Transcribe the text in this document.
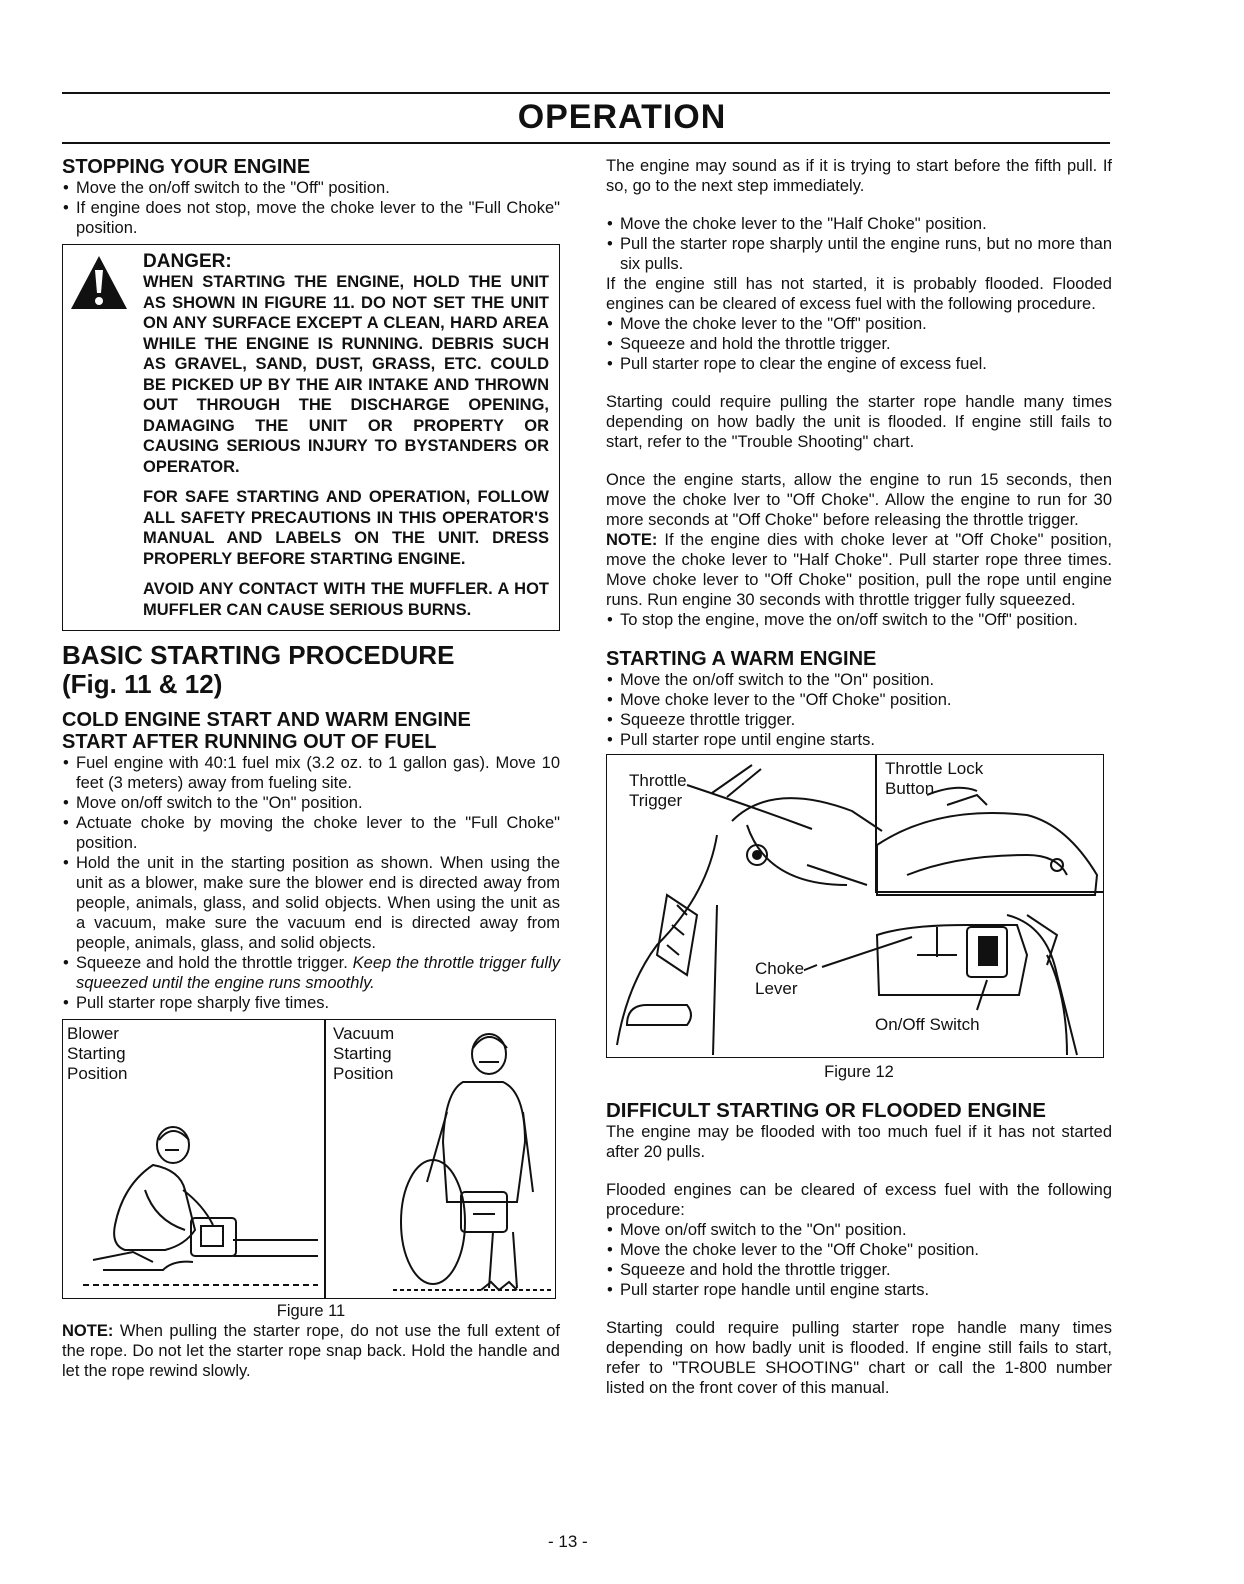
OPERATION
STOPPING YOUR ENGINE
• Move the on/off switch to the "Off" position.
• If engine does not stop, move the choke lever to the "Full Choke" position.
DANGER:
WHEN STARTING THE ENGINE, HOLD THE UNIT AS SHOWN IN FIGURE 11. DO NOT SET THE UNIT ON ANY SURFACE EXCEPT A CLEAN, HARD AREA WHILE THE ENGINE IS RUNNING. DEBRIS SUCH AS GRAVEL, SAND, DUST, GRASS, ETC. COULD BE PICKED UP BY THE AIR INTAKE AND THROWN OUT THROUGH THE DISCHARGE OPENING, DAMAGING THE UNIT OR PROPERTY OR CAUSING SERIOUS INJURY TO BYSTANDERS OR OPERATOR.
FOR SAFE STARTING AND OPERATION, FOLLOW ALL SAFETY PRECAUTIONS IN THIS OPERATOR'S MANUAL AND LABELS ON THE UNIT. DRESS PROPERLY BEFORE STARTING ENGINE.
AVOID ANY CONTACT WITH THE MUFFLER. A HOT MUFFLER CAN CAUSE SERIOUS BURNS.
BASIC STARTING PROCEDURE
(Fig. 11 & 12)
COLD ENGINE START AND WARM ENGINE
START AFTER RUNNING OUT OF FUEL
• Fuel engine with 40:1 fuel mix (3.2 oz. to 1 gallon gas). Move 10 feet (3 meters) away from fueling site.
• Move on/off switch to the "On" position.
• Actuate choke by moving the choke lever to the "Full Choke" position.
• Hold the unit in the starting position as shown. When using the unit as a blower, make sure the blower end is directed away from people, animals, glass, and solid objects. When using the unit as a vacuum, make sure the vacuum end is directed away from people, animals, glass, and solid objects.
• Squeeze and hold the throttle trigger. Keep the throttle trigger fully squeezed until the engine runs smoothly.
• Pull starter rope sharply five times.
Blower
Starting
Position
Vacuum
Starting
Position
Figure 11
NOTE: When pulling the starter rope, do not use the full extent of the rope. Do not let the starter rope snap back. Hold the handle and let the rope rewind slowly.
The engine may sound as if it is trying to start before the fifth pull. If so, go to the next step immediately.
• Move the choke lever to the "Half Choke" position.
• Pull the starter rope sharply until the engine runs, but no more than six pulls.
If the engine still has not started, it is probably flooded. Flooded engines can be cleared of excess fuel with the following procedure.
• Move the choke lever to the "Off" position.
• Squeeze and hold the throttle trigger.
• Pull starter rope to clear the engine of excess fuel.
Starting could require pulling the starter rope handle many times depending on how badly the unit is flooded. If engine still fails to start, refer to the "Trouble Shooting" chart.
Once the engine starts, allow the engine to run 15 seconds, then move the choke lver to "Off Choke". Allow the engine to run for 30 more seconds at "Off Choke" before releasing the throttle trigger.
NOTE: If the engine dies with choke lever at "Off Choke" position, move the choke lever to "Half Choke". Pull starter rope three times. Move choke lever to "Off Choke" position, pull the rope until engine runs. Run engine 30 seconds with throttle trigger fully squeezed.
• To stop the engine, move the on/off switch to the "Off" position.
STARTING A WARM ENGINE
• Move the on/off switch to the "On" position.
• Move choke lever to the "Off Choke" position.
• Squeeze throttle trigger.
• Pull starter rope until engine starts.
Throttle
Trigger
Throttle Lock
Button
Choke
Lever
On/Off Switch
Figure 12
DIFFICULT STARTING OR FLOODED ENGINE
The engine may be flooded with too much fuel if it has not started after 20 pulls.
Flooded engines can be cleared of excess fuel with the following procedure:
• Move on/off switch to the "On" position.
• Move the choke lever to the "Off Choke" position.
• Squeeze and hold the throttle trigger.
• Pull starter rope handle until engine starts.
Starting could require pulling starter rope handle many times depending on how badly unit is flooded. If engine still fails to start, refer to "TROUBLE SHOOTING" chart or call the 1-800 number listed on the front cover of this manual.
- 13 -
